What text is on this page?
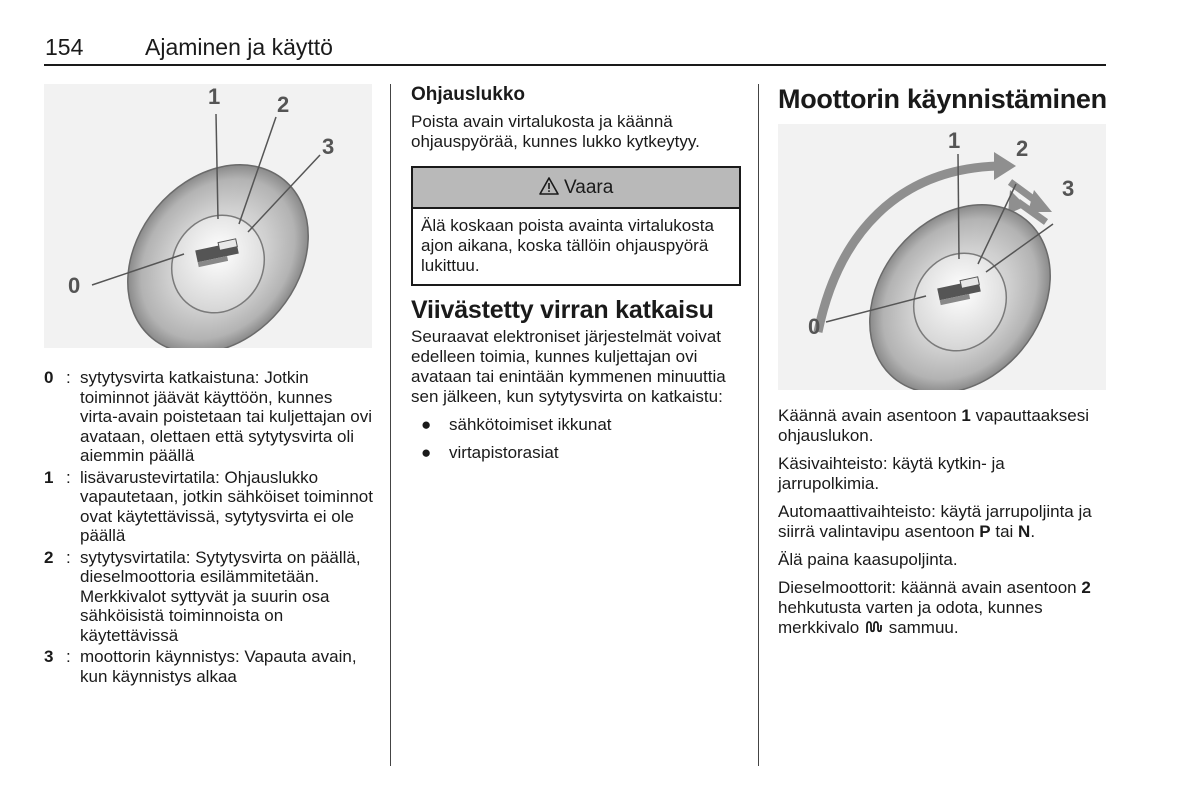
154	Ajaminen ja käyttö
1	2
3
0
0 : sytytysvirta katkaistuna: Jotkin toiminnot jäävät käyttöön, kunnes virta-avain poistetaan tai kuljettajan ovi avataan, olettaen että sytytysvirta oli aiemmin päällä
1 : lisävarustevirtatila: Ohjauslukko vapautetaan, jotkin sähköiset toiminnot ovat käytettävissä, sytytysvirta ei ole päällä
2 : sytytysvirtatila: Sytytysvirta on päällä, dieselmoottoria esilämmitetään. Merkkivalot syttyvät ja suurin osa sähköisistä toiminnoista on käytettävissä
3 : moottorin käynnistys: Vapauta avain, kun käynnistys alkaa
Ohjauslukko

Poista avain virtalukosta ja käännä ohjauspyörää, kunnes lukko kytkeytyy.

Vaara
Älä koskaan poista avainta virtalukosta ajon aikana, koska tällöin ohjauspyörä lukittuu.
Viivästetty virran katkaisu

Seuraavat elektroniset järjestelmät voivat edelleen toimia, kunnes kuljettajan ovi avataan tai enintään kymmenen minuuttia sen jälkeen, kun sytytysvirta on katkaistu:

● sähkötoimiset ikkunat
● virtapistorasiat
Moottorin käynnistäminen
1	2
3
0

Käännä avain asentoon 1 vapauttaaksesi ohjauslukon.

Käsivaihteisto: käytä kytkin- ja jarrupolkimia.

Automaattivaihteisto: käytä jarrupoljinta ja siirrä valintavipu asentoon P tai N.

Älä paina kaasupoljinta.

Dieselmoottorit: käännä avain asentoon 2 hehkutusta varten ja odota, kunnes merkkivalo  sammuu.
